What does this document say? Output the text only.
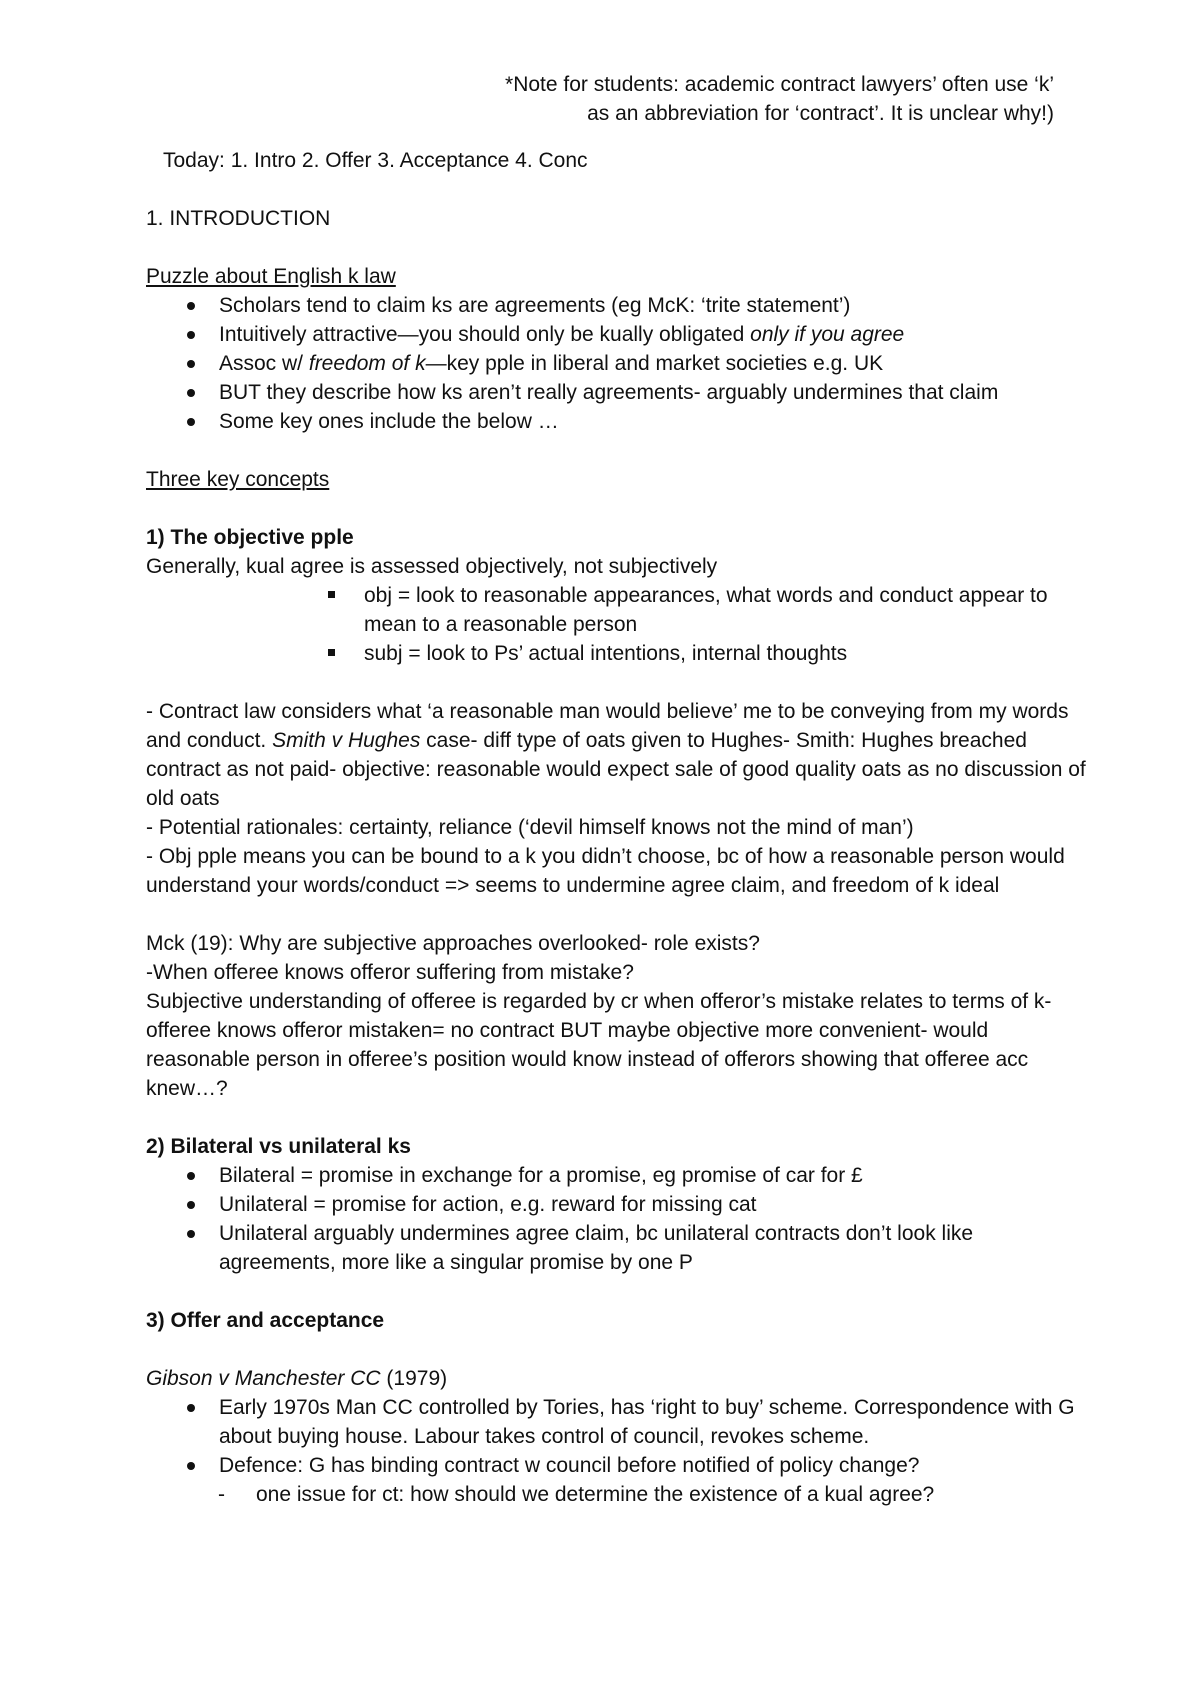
*Note for students: academic contract lawyers’ often use ‘k’
as an abbreviation for ‘contract’. It is unclear why!)

Today: 1. Intro 2. Offer 3. Acceptance 4. Conc

1. INTRODUCTION

Puzzle about English k law

Scholars tend to claim ks are agreements (eg McK: ‘trite statement’)
Intuitively attractive—you should only be kually obligated only if you agree
Assoc w/ freedom of k—key pple in liberal and market societies e.g. UK
BUT they describe how ks aren’t really agreements- arguably undermines that claim
Some key ones include the below …

Three key concepts

1) The objective pple

Generally, kual agree is assessed objectively, not subjectively

obj = look to reasonable appearances, what words and conduct appear to mean to a reasonable person
subj = look to Ps’ actual intentions, internal thoughts

- Contract law considers what ‘a reasonable man would believe’ me to be conveying from my words and conduct. Smith v Hughes case- diff type of oats given to Hughes- Smith: Hughes breached contract as not paid- objective: reasonable would expect sale of good quality oats as no discussion of old oats

- Potential rationales: certainty, reliance (‘devil himself knows not the mind of man’)

- Obj pple means you can be bound to a k you didn’t choose, bc of how a reasonable person would understand your words/conduct => seems to undermine agree claim, and freedom of k ideal

Mck (19): Why are subjective approaches overlooked- role exists?

-When offeree knows offeror suffering from mistake?

Subjective understanding of offeree is regarded by cr when offeror’s mistake relates to terms of k-offeree knows offeror mistaken= no contract BUT maybe objective more convenient- would reasonable person in offeree’s position would know instead of offerors showing that offeree acc knew…?

2) Bilateral vs unilateral ks

Bilateral = promise in exchange for a promise, eg promise of car for £
Unilateral = promise for action, e.g. reward for missing cat
Unilateral arguably undermines agree claim, bc unilateral contracts don’t look like agreements, more like a singular promise by one P

3) Offer and acceptance

Gibson v Manchester CC (1979)

Early 1970s Man CC controlled by Tories, has ‘right to buy’ scheme. Correspondence with G about buying house. Labour takes control of council, revokes scheme.
Defence: G has binding contract w council before notified of policy change?
- one issue for ct: how should we determine the existence of a kual agree?
